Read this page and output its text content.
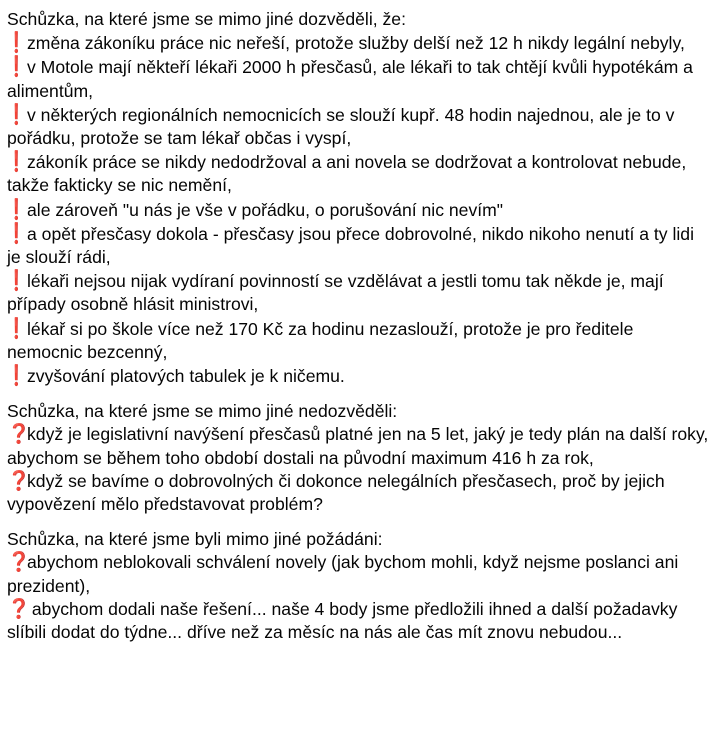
Schůzka, na které jsme se mimo jiné dozvěděli, že:
❗změna zákoníku práce nic neřeší, protože služby delší než 12 h nikdy legální nebyly,
❗v Motole mají někteří lékaři 2000 h přesčasů, ale lékaři to tak chtějí kvůli hypotékám a alimentům,
❗v některých regionálních nemocnicích se slouží kupř. 48 hodin najednou, ale je to v pořádku, protože se tam lékař občas i vyspí,
❗zákoník práce se nikdy nedodržoval a ani novela se dodržovat a kontrolovat nebude, takže fakticky se nic nemění,
❗ale zároveň "u nás je vše v pořádku, o porušování nic nevím"
❗a opět přesčasy dokola - přesčasy jsou přece dobrovolné, nikdo nikoho nenutí a ty lidi je slouží rádi,
❗lékaři nejsou nijak vydíraní povinností se vzdělávat a jestli tomu tak někde je, mají případy osobně hlásit ministrovi,
❗lékař si po škole více než 170 Kč za hodinu nezaslouží, protože je pro ředitele nemocnic bezcenný,
❗zvyšování platových tabulek je k ničemu.
Schůzka, na které jsme se mimo jiné nedozvěděli:
❓když je legislativní navýšení přesčasů platné jen na 5 let, jaký je tedy plán na další roky, abychom se během toho období dostali na původní maximum 416 h za rok,
❓když se bavíme o dobrovolných či dokonce nelegálních přesčasech, proč by jejich vypovězení mělo představovat problém?
Schůzka, na které jsme byli mimo jiné požádáni:
❓abychom neblokovali schválení novely (jak bychom mohli, když nejsme poslanci ani prezident),
❓ abychom dodali naše řešení... naše 4 body jsme předložili ihned a další požadavky slíbili dodat do týdne... dříve než za měsíc na nás ale čas mít znovu nebudou...
